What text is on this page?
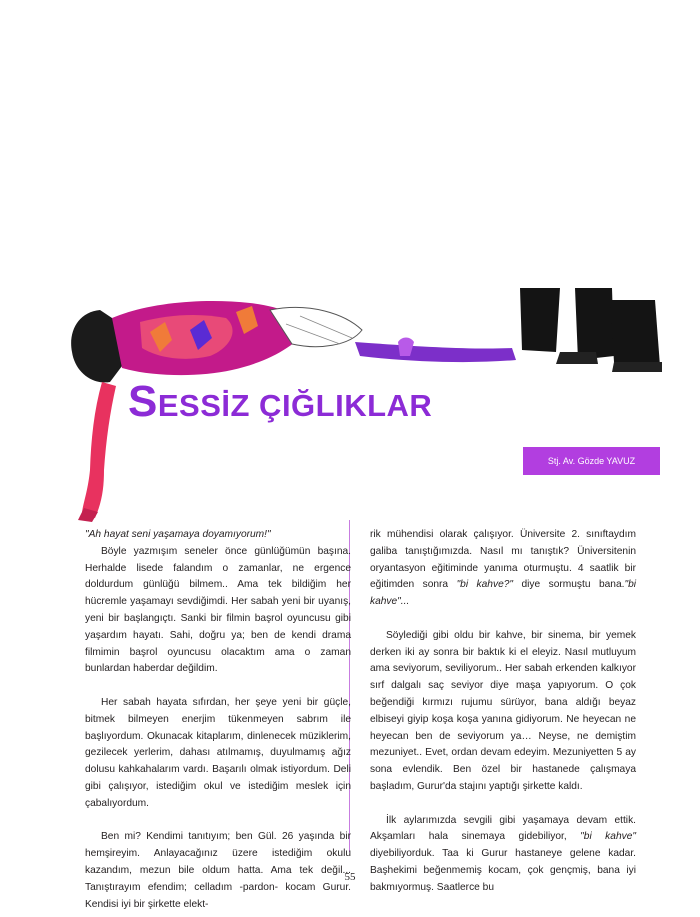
SESSİZ ÇIĞLIKLAR
Stj. Av. Gözde YAVUZ

"Ah hayat seni yaşamaya doyamıyorum!"

Böyle yazmışım seneler önce günlüğümün başına. Herhalde lisede falandım o zamanlar, ne ergence doldurdum günlüğü bilmem.. Ama tek bildiğim her hücremle yaşamayı sevdiğimdi. Her sabah yeni bir uyanış, yeni bir başlangıçtı. Sanki bir filmin başrol oyuncusu gibi yaşardım hayatı. Sahi, doğru ya; ben de kendi drama filmimin başrol oyuncusu olacaktım ama o zaman bunlardan haberdar değildim.

Her sabah hayata sıfırdan, her şeye yeni bir güçle, bitmek bilmeyen enerjim tükenmeyen sabrım ile başlıyordum. Okunacak kitaplarım, dinlenecek müziklerim, gezilecek yerlerim, dahası atılmamış, duyulmamış ağız dolusu kahkahalarım vardı. Başarılı olmak istiyordum. Deli gibi çalışıyor, istediğim okul ve istediğim meslek için çabalıyordum.

Ben mi? Kendimi tanıtıyım; ben Gül. 26 yaşında bir hemşireyim. Anlayacağınız üzere istediğim okulu kazandım, mezun bile oldum hatta. Ama tek değil... Tanıştırayım efendim; celladım -pardon- kocam Gurur. Kendisi iyi bir şirkette elekt-

rik mühendisi olarak çalışıyor. Üniversite 2. sınıftaydım galiba tanıştığımızda. Nasıl mı tanıştık? Üniversitenin oryantasyon eğitiminde yanıma oturmuştu. 4 saatlik bir eğitimden sonra "bi kahve?" diye sormuştu bana."bi kahve"...

Söylediği gibi oldu bir kahve, bir sinema, bir yemek derken iki ay sonra bir baktık ki el eleyiz. Nasıl mutluyum ama seviyorum, seviliyorum.. Her sabah erkenden kalkıyor sırf dalgalı saç seviyor diye maşa yapıyorum. O çok beğendiği kırmızı rujumu sürüyor, bana aldığı beyaz elbiseyi giyip koşa koşa yanına gidiyorum. Ne heyecan ne heyecan ben de seviyorum ya… Neyse, ne demiştim mezuniyet.. Evet, ordan devam edeyim. Mezuniyetten 5 ay sona evlendik. Ben özel bir hastanede çalışmaya başladım, Gurur'da stajını yaptığı şirkette kaldı.

İlk aylarımızda sevgili gibi yaşamaya devam ettik. Akşamları hala sinemaya gidebiliyor, "bi kahve" diyebiliyorduk. Taa ki Gurur hastaneye gelene kadar. Başhekimi beğenmemiş kocam, çok gençmiş, bana iyi bakmıyormuş. Saatlerce bu

55
